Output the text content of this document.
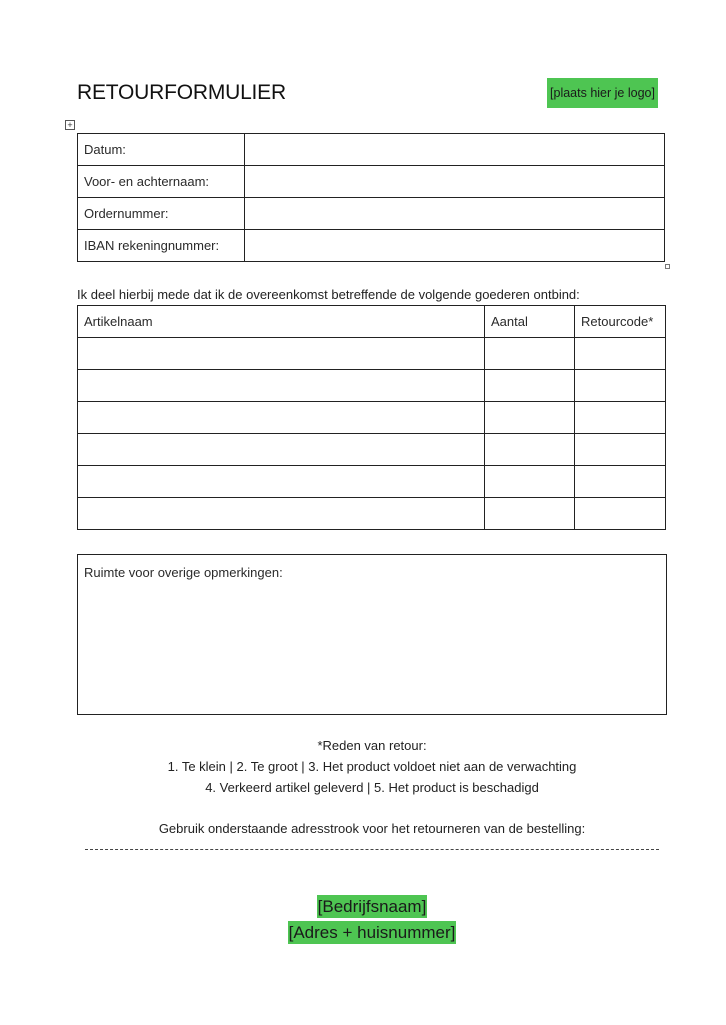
RETOURFORMULIER	[plaats hier je logo]
+
Datum:	
Voor- en achternaam:	
Ordernummer:	
IBAN rekeningnummer:	

Ik deel hierbij mede dat ik de overeenkomst betreffende de volgende goederen ontbind:

Artikelnaam	Aantal	Retourcode*

Ruimte voor overige opmerkingen:

*Reden van retour:

1. Te klein | 2. Te groot | 3. Het product voldoet niet aan de verwachting

4. Verkeerd artikel geleverd | 5. Het product is beschadigd

Gebruik onderstaande adresstrook voor het retourneren van de bestelling:

[Bedrijfsnaam]
[Adres + huisnummer]
